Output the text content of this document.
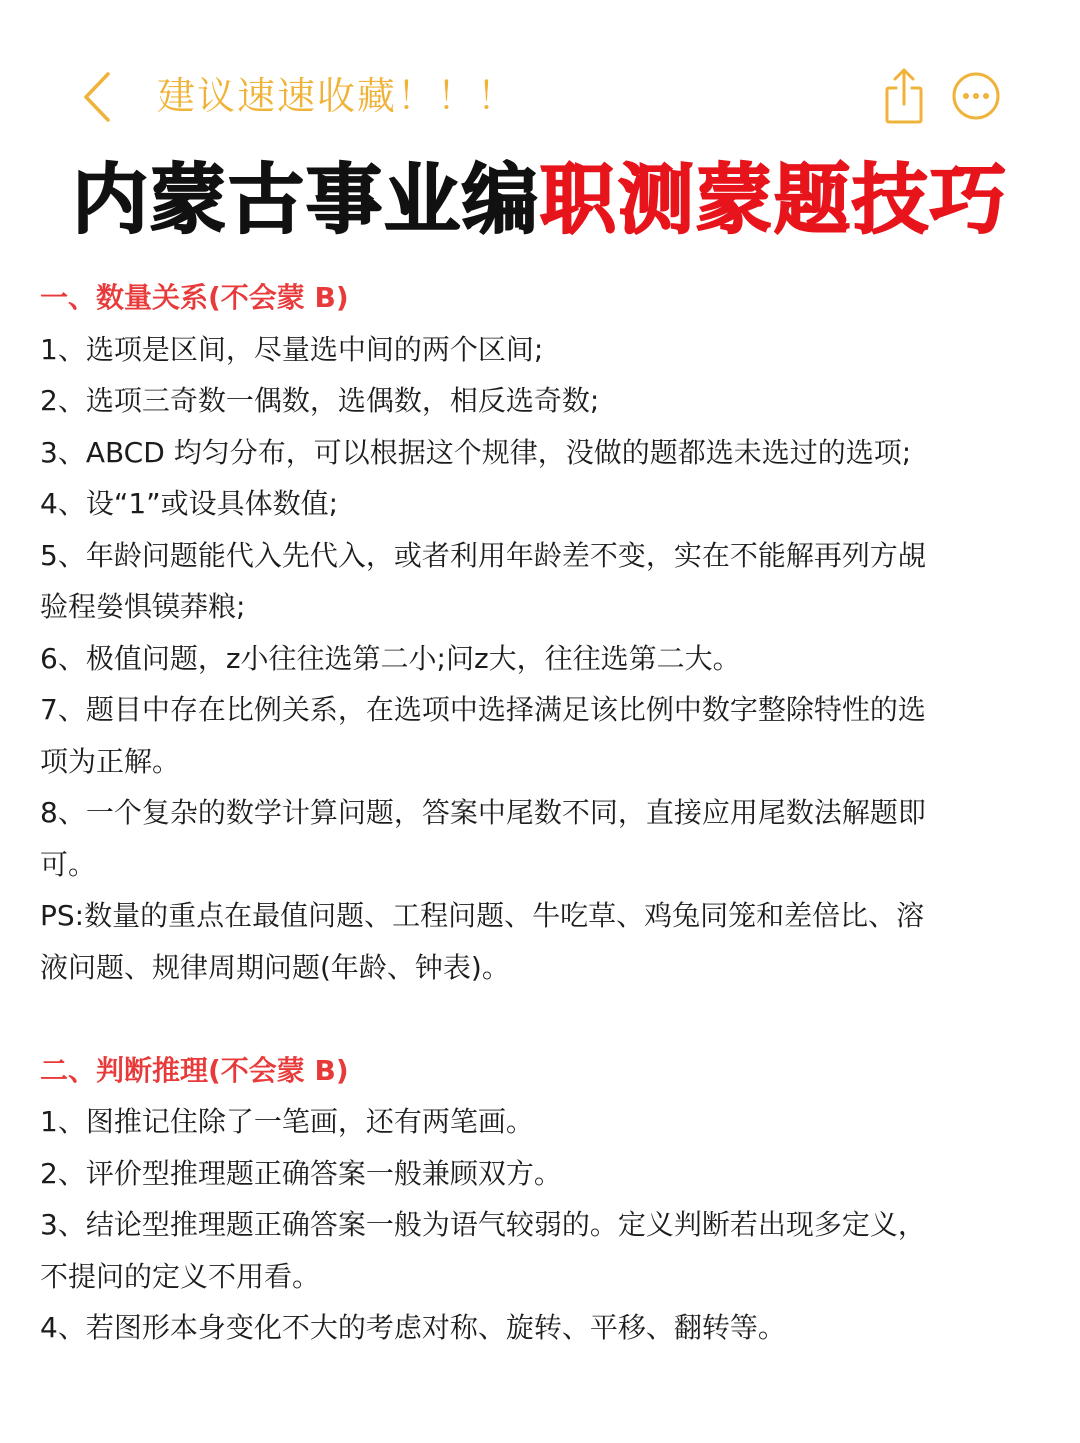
建议速速收藏！！！
内蒙古事业编职测蒙题技巧
一、数量关系(不会蒙 B)
1、选项是区间，尽量选中间的两个区间;
2、选项三奇数一偶数，选偶数，相反选奇数;
3、ABCD 均匀分布，可以根据这个规律，没做的题都选未选过的选项;
4、设“1”或设具体数值;
5、年龄问题能代入先代入，或者利用年龄差不变，实在不能解再列方覘
验程嫈惧镆莽粮;
6、极值问题，z小往往选第二小;问z大，往往选第二大。
7、题目中存在比例关系，在选项中选择满足该比例中数字整除特性的选
项为正解。
8、一个复杂的数学计算问题，答案中尾数不同，直接应用尾数法解题即
可。
PS:数量的重点在最值问题、工程问题、牛吃草、鸡兔同笼和差倍比、溶
液问题、规律周期问题(年龄、钟表)。
二、判断推理(不会蒙 B)
1、图推记住除了一笔画，还有两笔画。
2、评价型推理题正确答案一般兼顾双方。
3、结论型推理题正确答案一般为语气较弱的。定义判断若出现多定义，
不提问的定义不用看。
4、若图形本身变化不大的考虑对称、旋转、平移、翻转等。
